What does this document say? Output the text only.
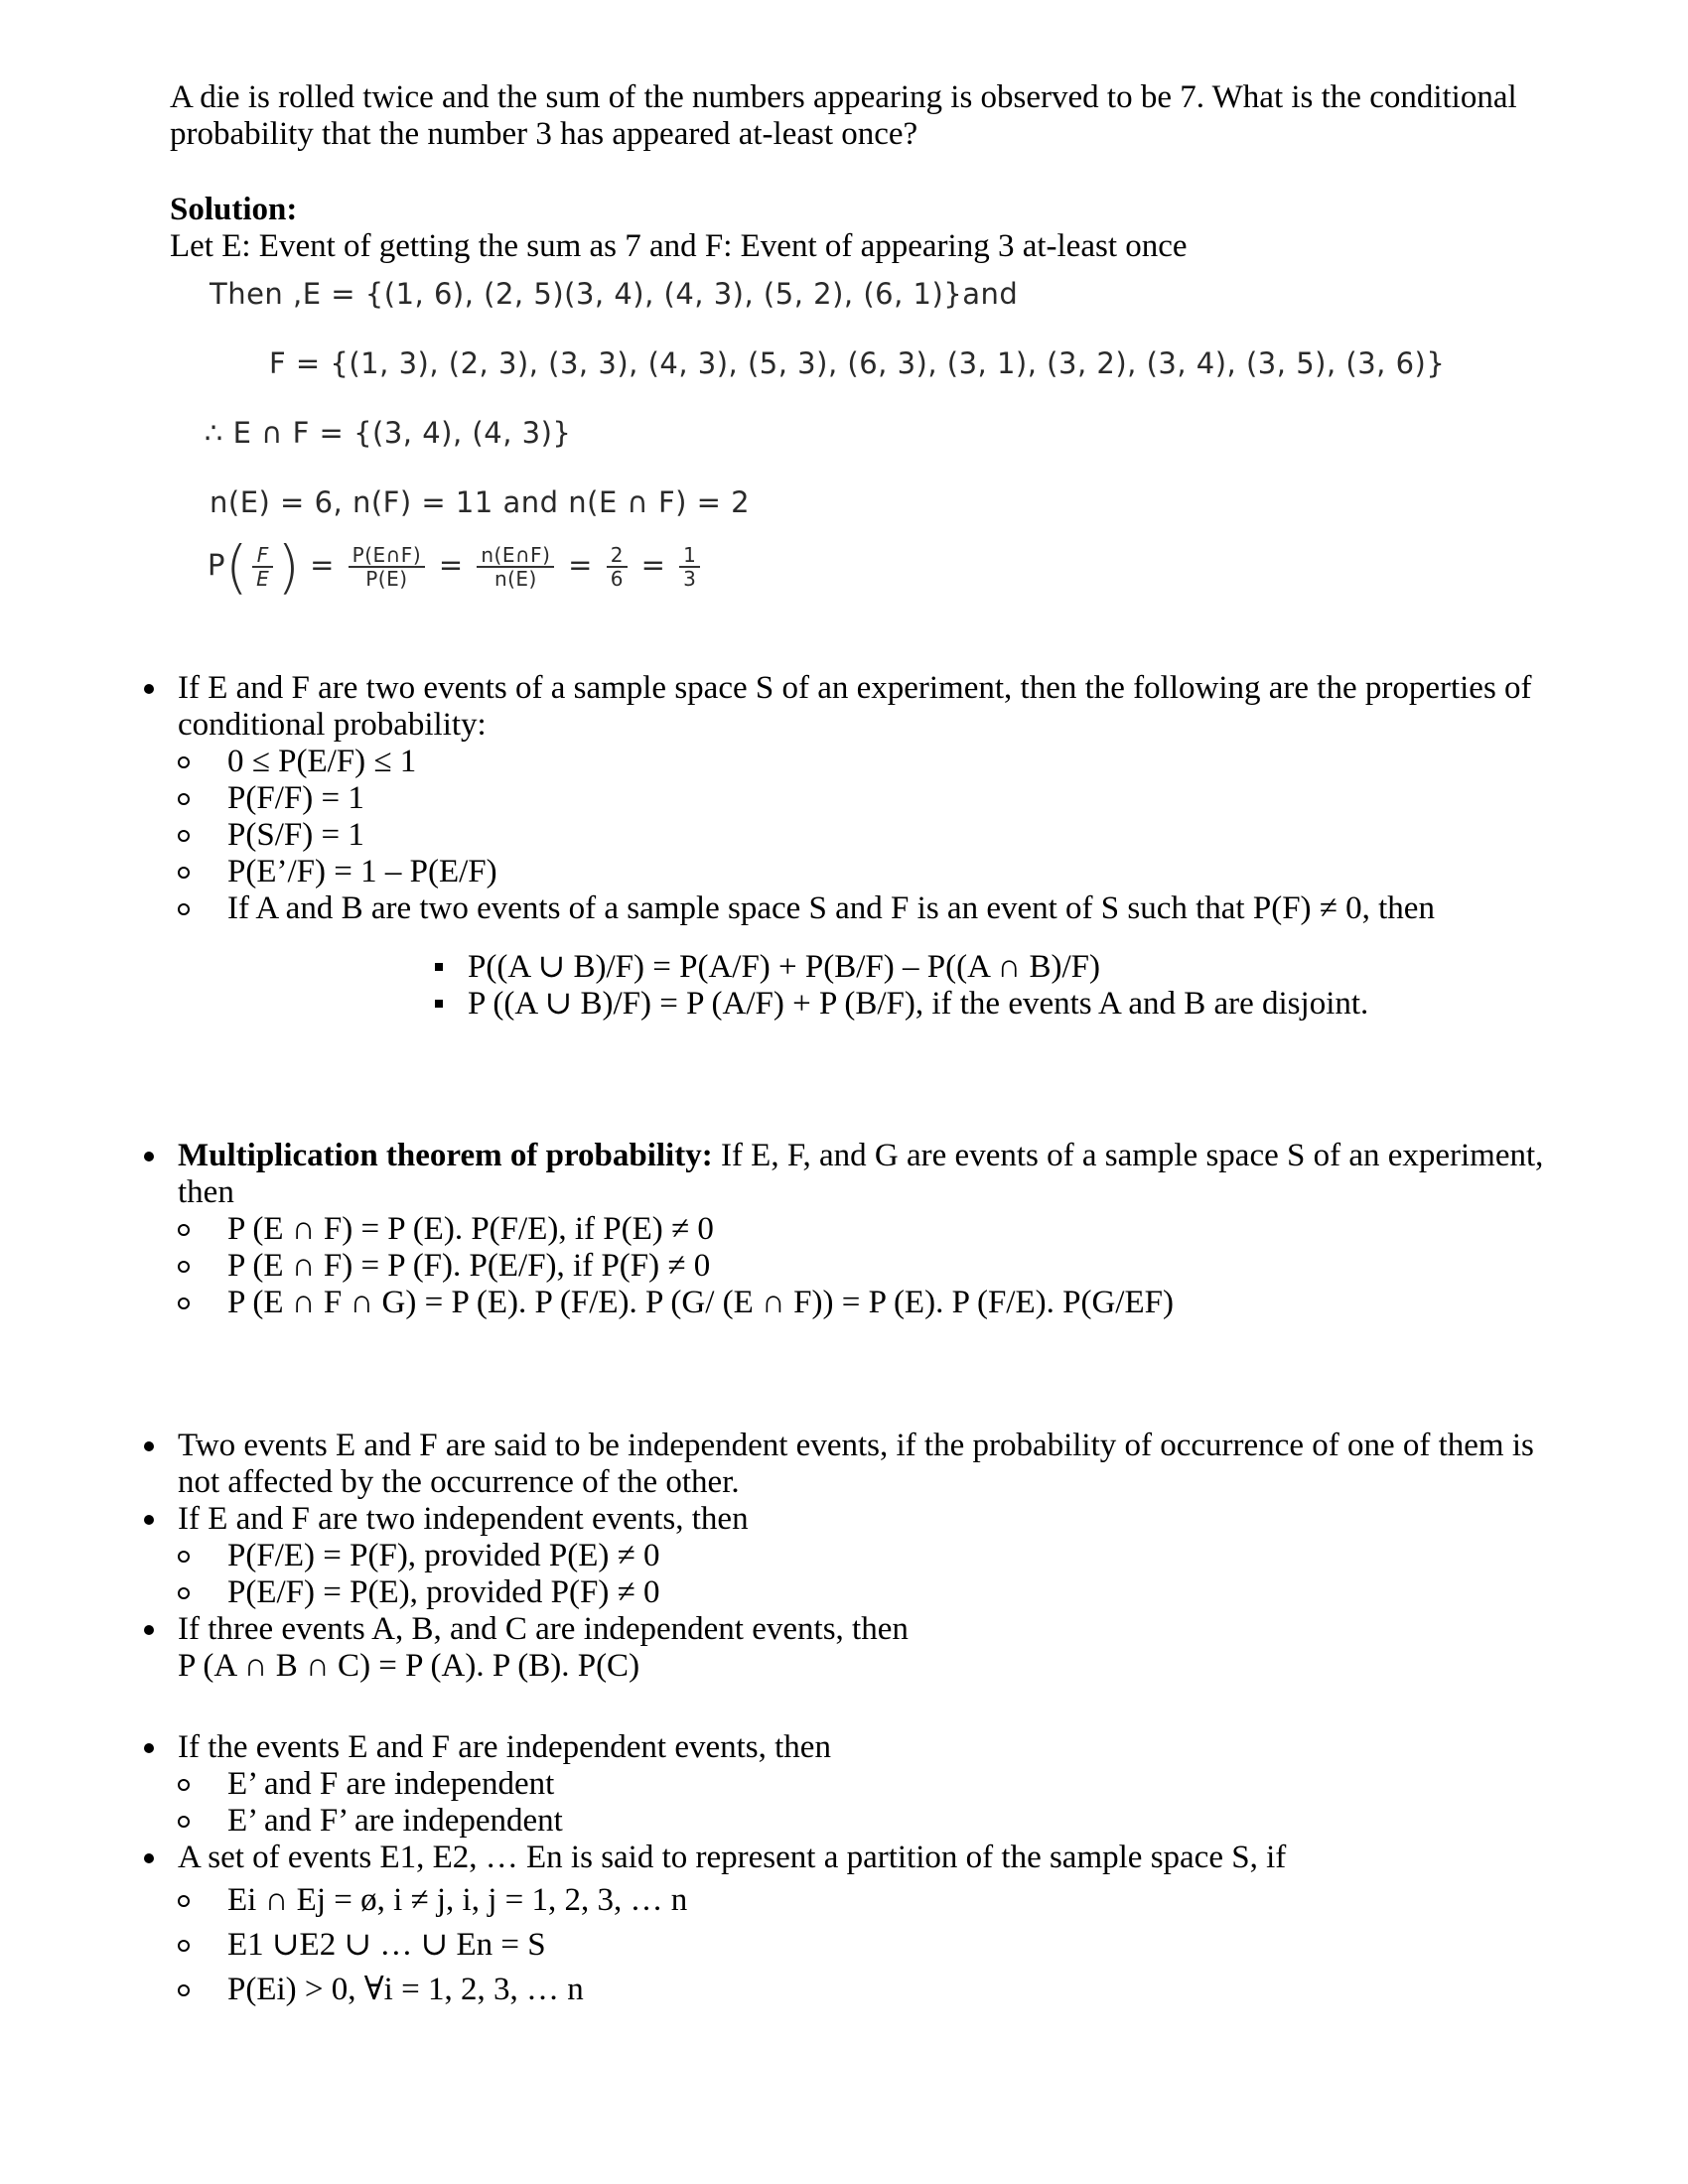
A die is rolled twice and the sum of the numbers appearing is observed to be 7. What is the conditional probability that the number 3 has appeared at-least once?
Solution:
Let E: Event of getting the sum as 7 and F: Event of appearing 3 at-least once
Then ,E = {(1, 6), (2, 5)(3, 4), (4, 3), (5, 2), (6, 1)}and
F = {(1, 3), (2, 3), (3, 3), (4, 3), (5, 3), (6, 3), (3, 1), (3, 2), (3, 4), (3, 5), (3, 6)}
∴ E ∩ F = {(3, 4), (4, 3)}
n(E) = 6, n(F) = 11 and n(E ∩ F) = 2
$P( \frac{F}{E}$ ) = $\frac{P(E\cap F)}{P(E)} = \frac{n(E\cap F)}{n(E)} = \frac{2}{6} = \frac{1}{3}$
If E and F are two events of a sample space S of an experiment, then the following are the properties of conditional probability:
0 ≤ P(E/F) ≤ 1
P(F/F) = 1
P(S/F) = 1
P(E’/F) = 1 – P(E/F)
If A and B are two events of a sample space S and F is an event of S such that P(F) ≠ 0, then
P((A ∪ B)/F) = P(A/F) + P(B/F) – P((A ∩ B)/F)
P ((A ∪ B)/F) = P (A/F) + P (B/F), if the events A and B are disjoint.
Multiplication theorem of probability: If E, F, and G are events of a sample space S of an experiment, then
P (E ∩ F) = P (E). P(F/E), if P(E) ≠ 0
P (E ∩ F) = P (F). P(E/F), if P(F) ≠ 0
P (E ∩ F ∩ G) = P (E). P (F/E). P (G/ (E ∩ F)) = P (E). P (F/E). P(G/EF)
Two events E and F are said to be independent events, if the probability of occurrence of one of them is not affected by the occurrence of the other.
If E and F are two independent events, then
P(F/E) = P(F), provided P(E) ≠ 0
P(E/F) = P(E), provided P(F) ≠ 0
If three events A, B, and C are independent events, then
P (A ∩ B ∩ C) = P (A). P (B). P(C)
If the events E and F are independent events, then
E’ and F are independent
E’ and F’ are independent
A set of events E1, E2, … En is said to represent a partition of the sample space S, if
Ei ∩ Ej = ø, i ≠ j, i, j = 1, 2, 3, … n
E1 ∪E2 ∪ … ∪ En = S
P(Ei) > 0, ∀i = 1, 2, 3, … n
